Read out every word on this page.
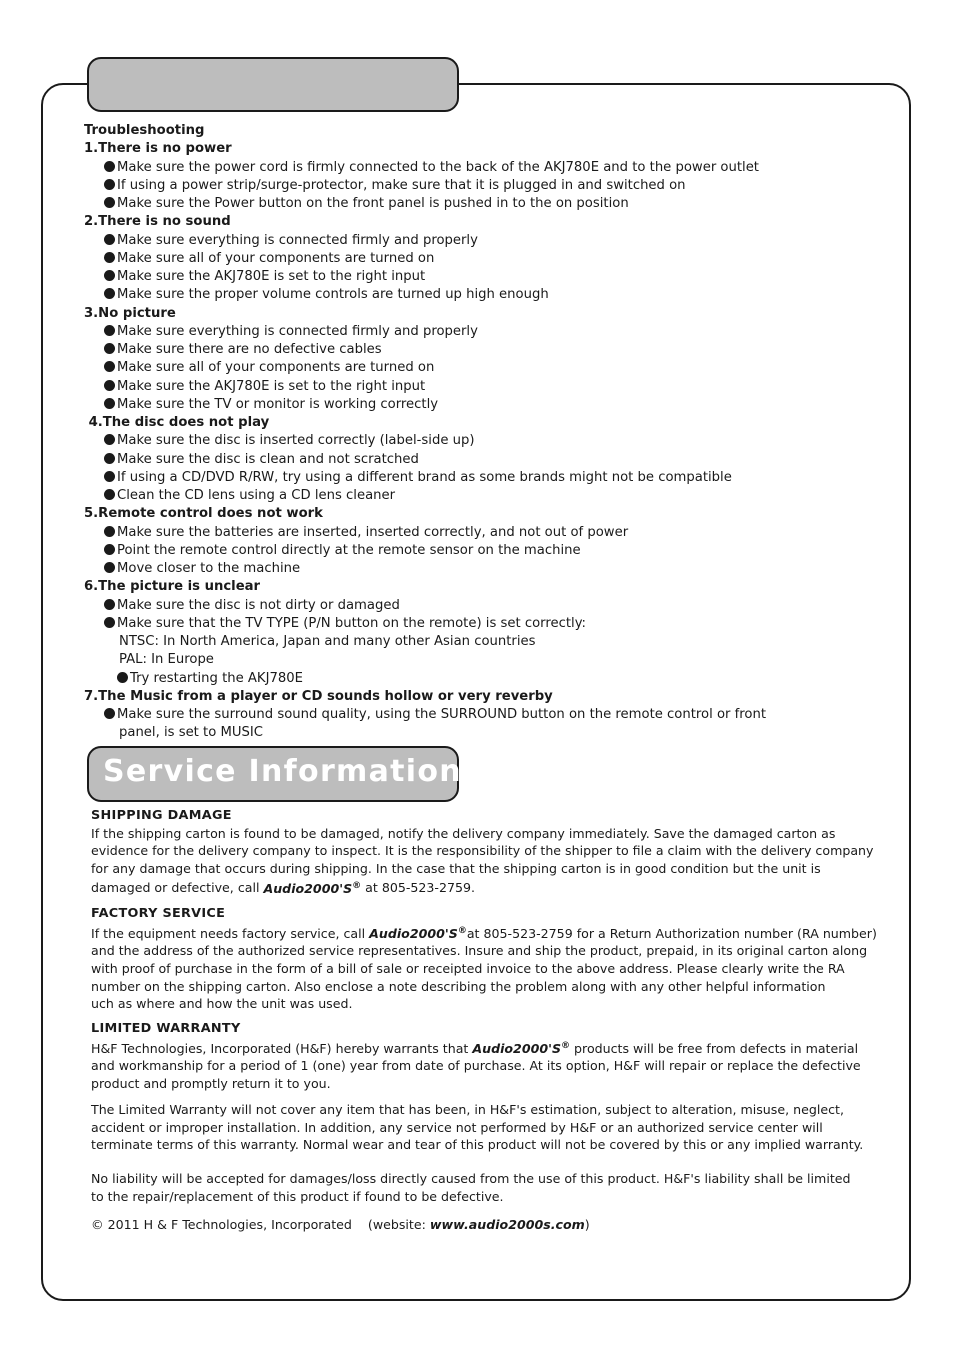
Troubleshooting
1.There is no power
Make sure the power cord is firmly connected to the back of the AKJ780E and to the power outlet
If using a power strip/surge-protector, make sure that it is plugged in and switched on
Make sure the Power button on the front panel is pushed in to the on position
2.There is no sound
Make sure everything is connected firmly and properly
Make sure all of your components are turned on
Make sure the AKJ780E is set to the right input
Make sure the proper volume controls are turned up high enough
3.No picture
Make sure everything is connected firmly and properly
Make sure there are no defective cables
Make sure all of your components are turned on
Make sure the AKJ780E is set to the right input
Make sure the TV or monitor is working correctly
4.The disc does not play
Make sure the disc is inserted correctly (label-side up)
Make sure the disc is clean and not scratched
If using a CD/DVD R/RW, try using a different brand as some brands might not be compatible
Clean the CD lens using a CD lens cleaner
5.Remote control does not work
Make sure the batteries are inserted, inserted correctly, and not out of power
Point the remote control directly at the remote sensor on the machine
Move closer to the machine
6.The picture is unclear
Make sure the disc is not dirty or damaged
Make sure that the TV TYPE (P/N button on the remote) is set correctly:
NTSC: In North America, Japan and many other Asian countries
PAL: In Europe
Try restarting the AKJ780E
7.The Music from a player or CD sounds hollow or very reverby
Make sure the surround sound quality, using the SURROUND button on the remote control or front
panel, is set to MUSIC
Service Information
SHIPPING DAMAGE

If the shipping carton is found to be damaged, notify the delivery company immediately. Save the damaged carton as

evidence for the delivery company to inspect. It is the responsibility of the shipper to file a claim with the delivery company

for any damage that occurs during shipping. In the case that the shipping carton is in good condition but the unit is

damaged or defective, call Audio2000'S® at 805-523-2759.

FACTORY SERVICE

If the equipment needs factory service, call Audio2000'S®at 805-523-2759 for a Return Authorization number (RA number)

and the address of the authorized service representatives. Insure and ship the product, prepaid, in its original carton along

with proof of purchase in the form of a bill of sale or receipted invoice to the above address. Please clearly write the RA

number on the shipping carton. Also enclose a note describing the problem along with any other helpful information

uch as where and how the unit was used.

LIMITED WARRANTY

H&F Technologies, Incorporated (H&F) hereby warrants that Audio2000'S® products will be free from defects in material

and workmanship for a period of 1 (one) year from date of purchase. At its option, H&F will repair or replace the defective

product and promptly return it to you.

The Limited Warranty will not cover any item that has been, in H&F's estimation, subject to alteration, misuse, neglect,

accident or improper installation. In addition, any service not performed by H&F or an authorized service center will

terminate terms of this warranty. Normal wear and tear of this product will not be covered by this or any implied warranty.

No liability will be accepted for damages/loss directly caused from the use of this product. H&F's liability shall be limited

to the repair/replacement of this product if found to be defective.

© 2011 H & F Technologies, Incorporated    (website: www.audio2000s.com)
